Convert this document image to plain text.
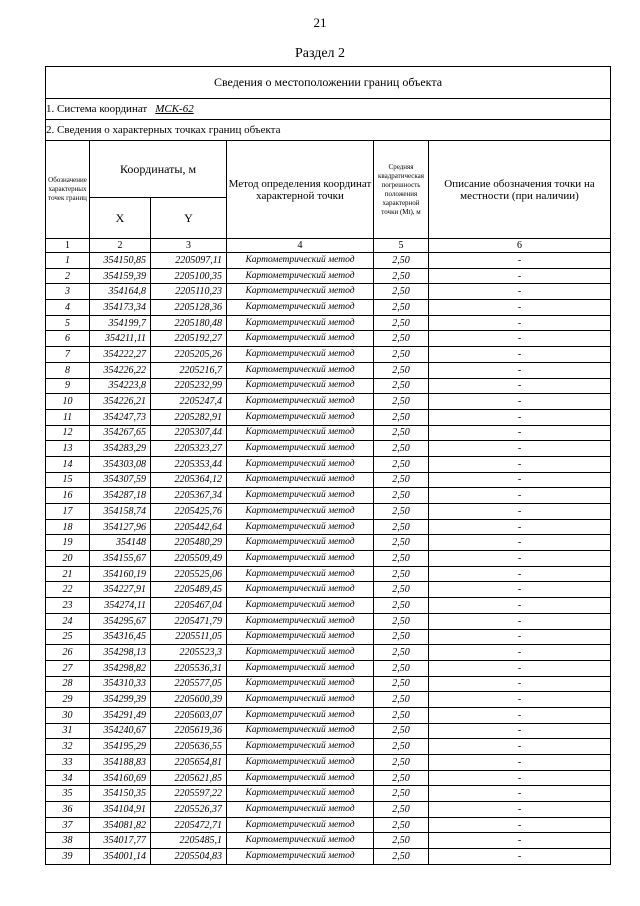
21
Раздел 2
Сведения о местоположении границ объекта					
1. Система координат МСК-62					
2. Сведения о характерных точках границ объекта					
Обозначение характерных точек границ	Координаты, м		Метод определения координат характерной точки	Средняя квадратическая погрешность положения характерной точки (Mt), м	Описание обозначения точки на местности (при наличии)
	X	Y			
1	2	3	4	5	6
1	354150,85	2205097,11	Картометрический метод	2,50	-
2	354159,39	2205100,35	Картометрический метод	2,50	-
3	354164,8	2205110,23	Картометрический метод	2,50	-
4	354173,34	2205128,36	Картометрический метод	2,50	-
5	354199,7	2205180,48	Картометрический метод	2,50	-
6	354211,11	2205192,27	Картометрический метод	2,50	-
7	354222,27	2205205,26	Картометрический метод	2,50	-
8	354226,22	2205216,7	Картометрический метод	2,50	-
9	354223,8	2205232,99	Картометрический метод	2,50	-
10	354226,21	2205247,4	Картометрический метод	2,50	-
11	354247,73	2205282,91	Картометрический метод	2,50	-
12	354267,65	2205307,44	Картометрический метод	2,50	-
13	354283,29	2205323,27	Картометрический метод	2,50	-
14	354303,08	2205353,44	Картометрический метод	2,50	-
15	354307,59	2205364,12	Картометрический метод	2,50	-
16	354287,18	2205367,34	Картометрический метод	2,50	-
17	354158,74	2205425,76	Картометрический метод	2,50	-
18	354127,96	2205442,64	Картометрический метод	2,50	-
19	354148	2205480,29	Картометрический метод	2,50	-
20	354155,67	2205509,49	Картометрический метод	2,50	-
21	354160,19	2205525,06	Картометрический метод	2,50	-
22	354227,91	2205489,45	Картометрический метод	2,50	-
23	354274,11	2205467,04	Картометрический метод	2,50	-
24	354295,67	2205471,79	Картометрический метод	2,50	-
25	354316,45	2205511,05	Картометрический метод	2,50	-
26	354298,13	2205523,3	Картометрический метод	2,50	-
27	354298,82	2205536,31	Картометрический метод	2,50	-
28	354310,33	2205577,05	Картометрический метод	2,50	-
29	354299,39	2205600,39	Картометрический метод	2,50	-
30	354291,49	2205603,07	Картометрический метод	2,50	-
31	354240,67	2205619,36	Картометрический метод	2,50	-
32	354195,29	2205636,55	Картометрический метод	2,50	-
33	354188,83	2205654,81	Картометрический метод	2,50	-
34	354160,69	2205621,85	Картометрический метод	2,50	-
35	354150,35	2205597,22	Картометрический метод	2,50	-
36	354104,91	2205526,37	Картометрический метод	2,50	-
37	354081,82	2205472,71	Картометрический метод	2,50	-
38	354017,77	2205485,1	Картометрический метод	2,50	-
39	354001,14	2205504,83	Картометрический метод	2,50	-
